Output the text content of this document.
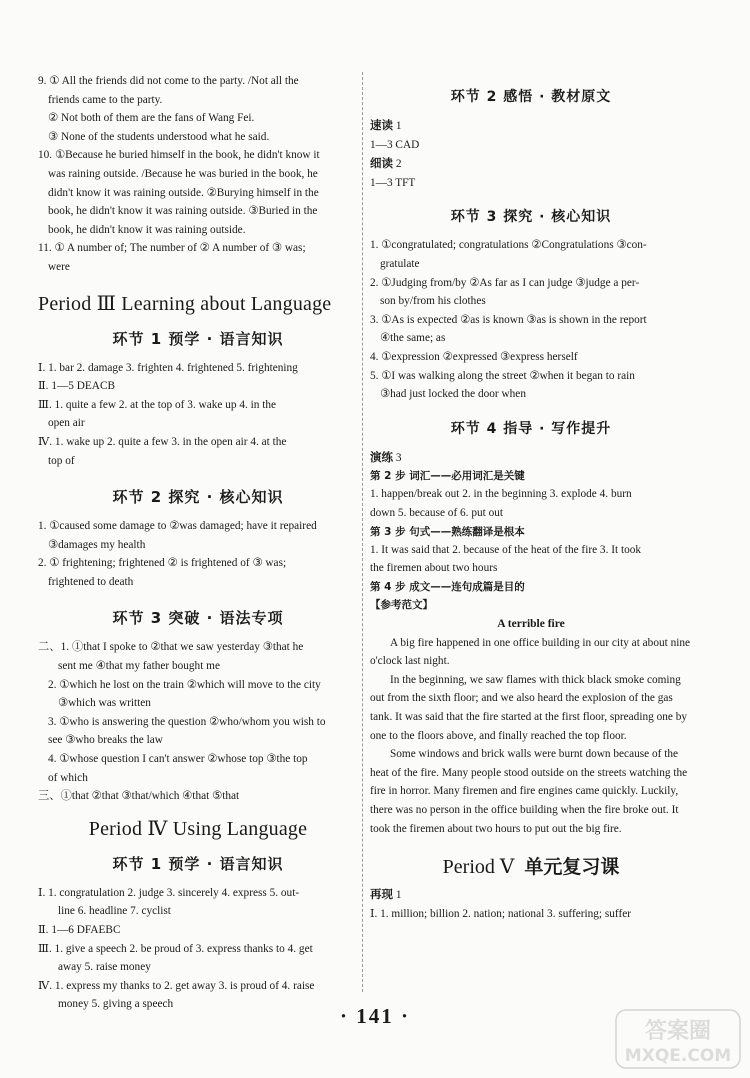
9. ① All the friends did not come to the party. /Not all the
friends came to the party.
② Not both of them are the fans of Wang Fei.
③ None of the students understood what he said.
10. ①Because he buried himself in the book, he didn't know it
was raining outside. /Because he was buried in the book, he
didn't know it was raining outside. ②Burying himself in the
book, he didn't know it was raining outside. ③Buried in the
book, he didn't know it was raining outside.
11. ① A number of; The number of ② A number of ③ was;
were
Period Ⅲ Learning about Language
环节 1 预学 · 语言知识
Ⅰ. 1. bar 2. damage 3. frighten 4. frightened 5. frightening
Ⅱ. 1—5 DEACB
Ⅲ. 1. quite a few 2. at the top of 3. wake up 4. in the
open air
Ⅳ. 1. wake up 2. quite a few 3. in the open air 4. at the
top of
环节 2 探究 · 核心知识
1. ①caused some damage to ②was damaged; have it repaired
③damages my health
2. ① frightening; frightened ② is frightened of ③ was;
frightened to death
环节 3 突破 · 语法专项
二、1. ①that I spoke to ②that we saw yesterday ③that he
sent me ④that my father bought me
2. ①which he lost on the train ②which will move to the city
③which was written
3. ①who is answering the question ②who/whom you wish to
see ③who breaks the law
4. ①whose question I can't answer ②whose top ③the top
of which
三、①that ②that ③that/which ④that ⑤that
Period Ⅳ Using Language
环节 1 预学 · 语言知识
Ⅰ. 1. congratulation 2. judge 3. sincerely 4. express 5. out-
line 6. headline 7. cyclist
Ⅱ. 1—6 DFAEBC
Ⅲ. 1. give a speech 2. be proud of 3. express thanks to 4. get
away 5. raise money
Ⅳ. 1. express my thanks to 2. get away 3. is proud of 4. raise
money 5. giving a speech
环节 2 感悟 · 教材原文
速读 1
1—3 CAD
细读 2
1—3 TFT
环节 3 探究 · 核心知识
1. ①congratulated; congratulations ②Congratulations ③con-
gratulate
2. ①Judging from/by ②As far as I can judge ③judge a per-
son by/from his clothes
3. ①As is expected ②as is known ③as is shown in the report
④the same; as
4. ①expression ②expressed ③express herself
5. ①I was walking along the street ②when it began to rain
③had just locked the door when
环节 4 指导 · 写作提升
演练 3
第 2 步 词汇——必用词汇是关键
1. happen/break out 2. in the beginning 3. explode 4. burn
down 5. because of 6. put out
第 3 步 句式——熟练翻译是根本
1. It was said that 2. because of the heat of the fire 3. It took
the firemen about two hours
第 4 步 成文——连句成篇是目的
【参考范文】
A terrible fire
A big fire happened in one office building in our city at about nine o'clock last night.
In the beginning, we saw flames with thick black smoke coming out from the sixth floor; and we also heard the explosion of the gas tank. It was said that the fire started at the first floor, spreading one by one to the floors above, and finally reached the top floor.
Some windows and brick walls were burnt down because of the heat of the fire. Many people stood outside on the streets watching the fire in horror. Many firemen and fire engines came quickly. Luckily, there was no person in the office building when the fire broke out. It took the firemen about two hours to put out the big fire.
Period Ⅴ 单元复习课
再现 1
Ⅰ. 1. million; billion 2. nation; national 3. suffering; suffer
· 141 ·
答案圈
MXQE.COM
